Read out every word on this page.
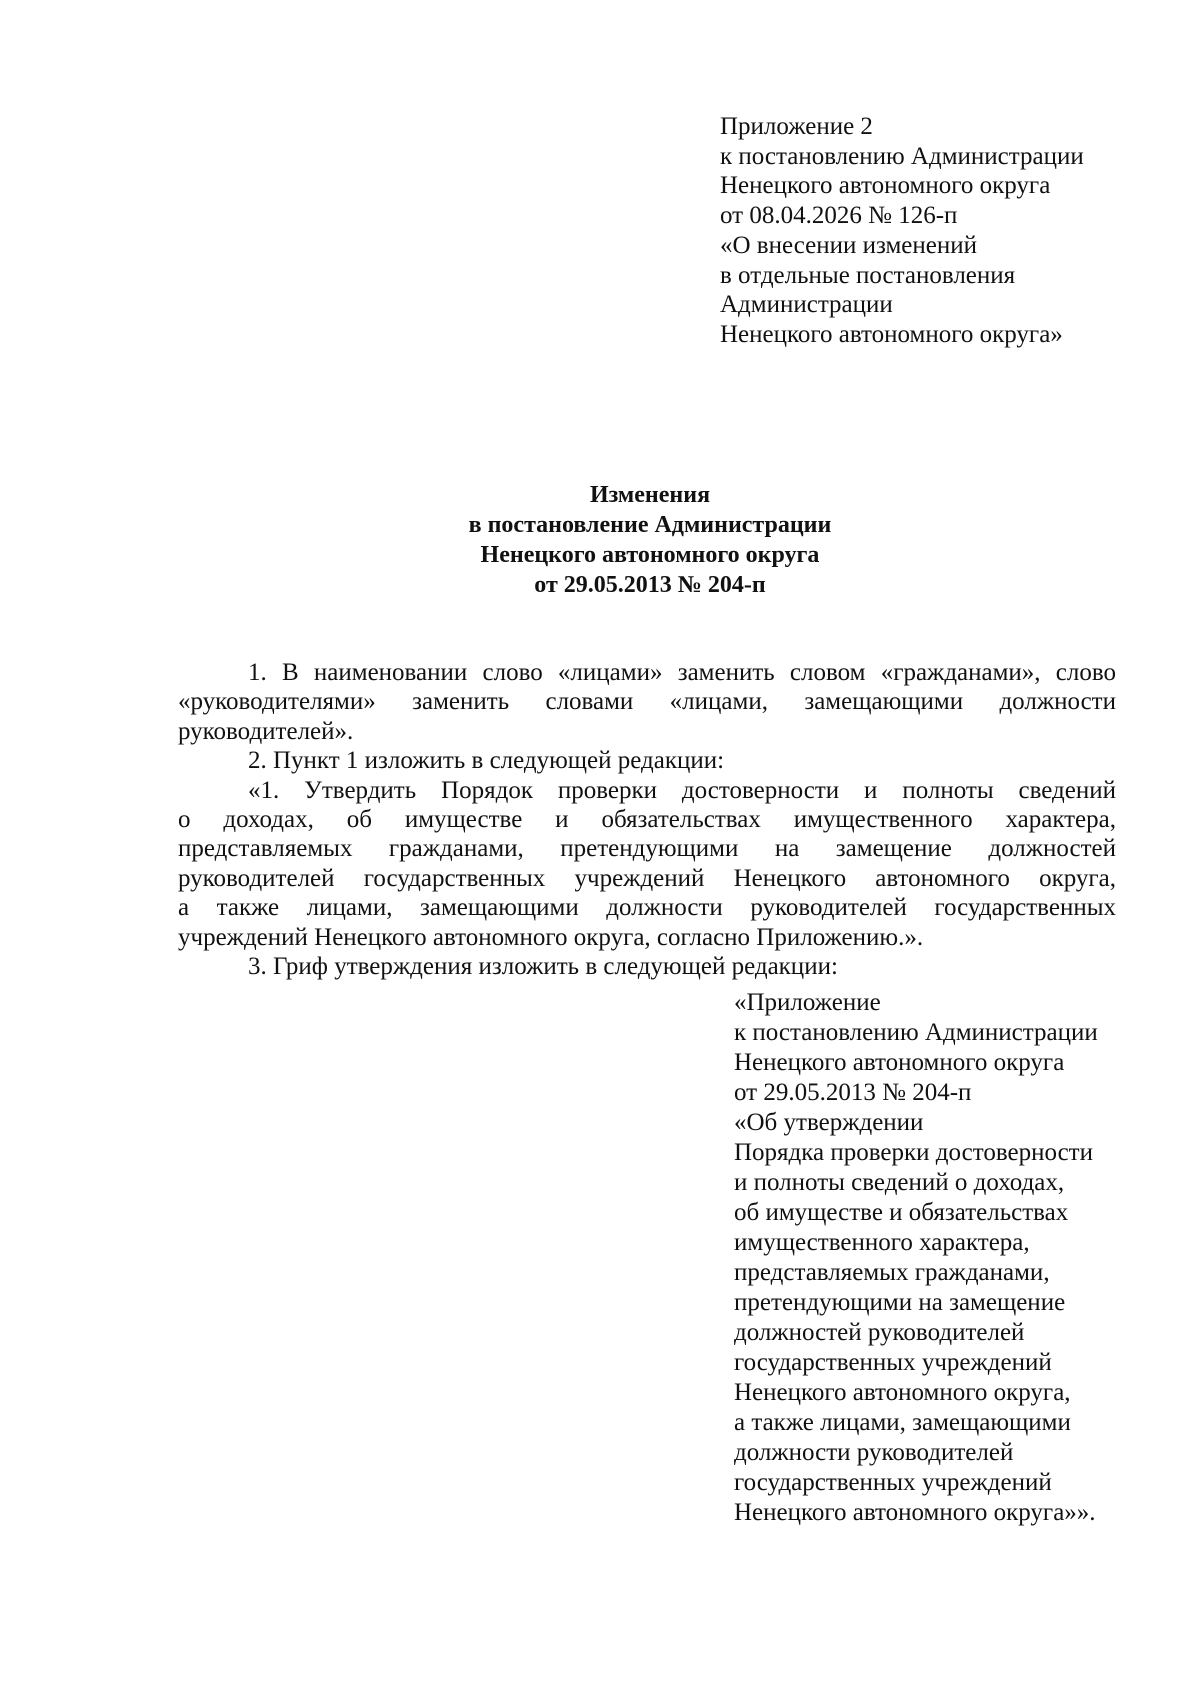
Приложение 2
к постановлению Администрации
Ненецкого автономного округа
от 08.04.2026 № 126-п
«О внесении изменений
в отдельные постановления
Администрации
Ненецкого автономного округа»
Изменения
в постановление Администрации
Ненецкого автономного округа
от 29.05.2013 № 204-п
1. В наименовании слово «лицами» заменить словом «гражданами», слово
«руководителями» заменить словами «лицами, замещающими должности
руководителей».
2. Пункт 1 изложить в следующей редакции:
«1. Утвердить Порядок проверки достоверности и полноты сведений
о доходах, об имуществе и обязательствах имущественного характера,
представляемых гражданами, претендующими на замещение должностей
руководителей государственных учреждений Ненецкого автономного округа,
а также лицами, замещающими должности руководителей государственных
учреждений Ненецкого автономного округа, согласно Приложению.».
3. Гриф утверждения изложить в следующей редакции:
«Приложение
к постановлению Администрации
Ненецкого автономного округа
от 29.05.2013 № 204-п
«Об утверждении
Порядка проверки достоверности
и полноты сведений о доходах,
об имуществе и обязательствах
имущественного характера,
представляемых гражданами,
претендующими на замещение
должностей руководителей
государственных учреждений
Ненецкого автономного округа,
а также лицами, замещающими
должности руководителей
государственных учреждений
Ненецкого автономного округа»».
